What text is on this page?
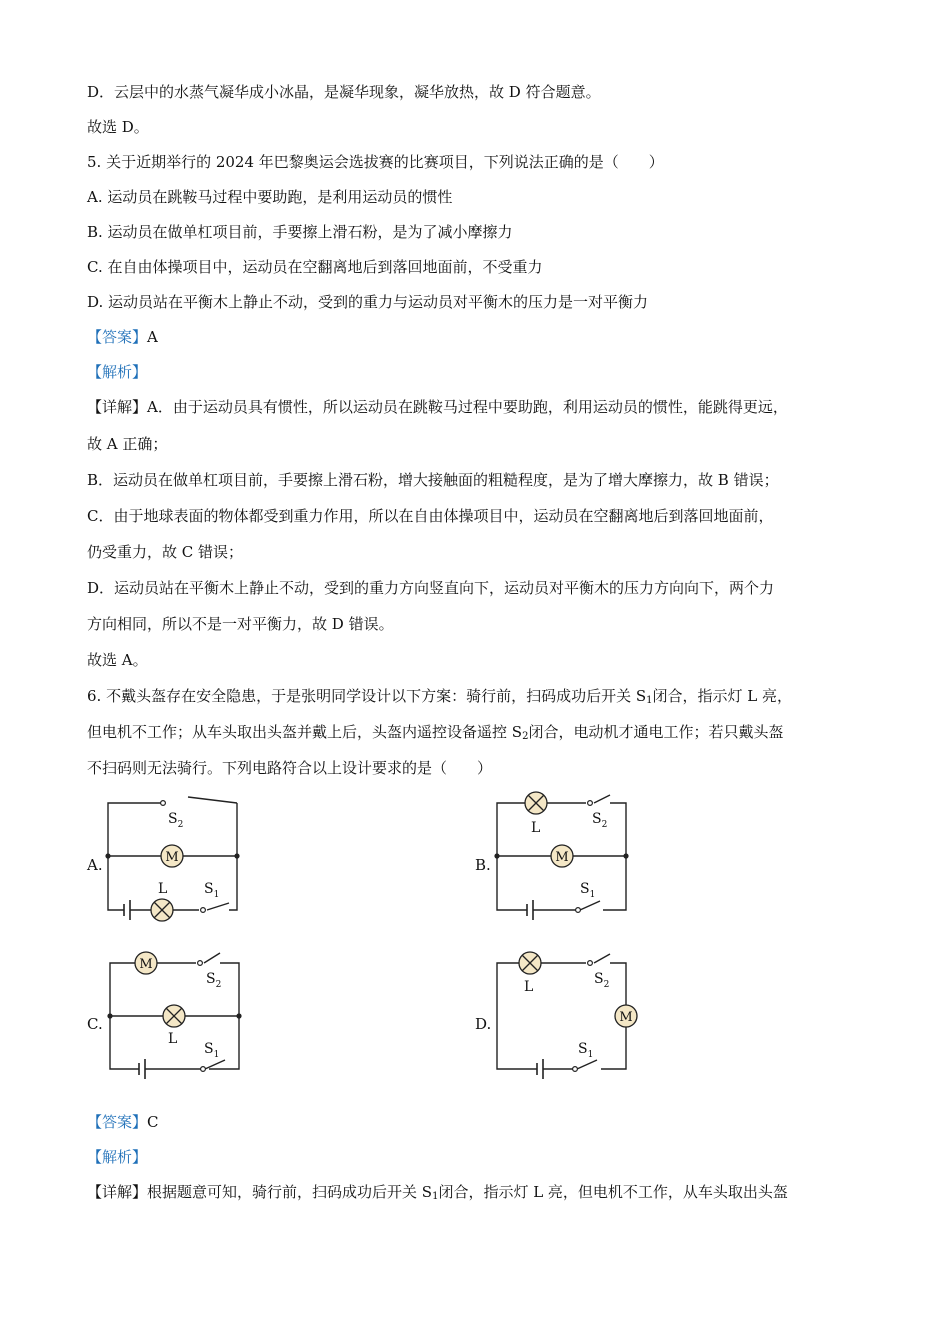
D．云层中的水蒸气凝华成小冰晶，是凝华现象，凝华放热，故 D 符合题意。
故选 D。
5. 关于近期举行的 2024 年巴黎奥运会选拔赛的比赛项目，下列说法正确的是（　　）
A. 运动员在跳鞍马过程中要助跑，是利用运动员的惯性
B. 运动员在做单杠项目前，手要擦上滑石粉，是为了减小摩擦力
C. 在自由体操项目中，运动员在空翻离地后到落回地面前，不受重力
D. 运动员站在平衡木上静止不动，受到的重力与运动员对平衡木的压力是一对平衡力
【答案】A
【解析】
【详解】A．由于运动员具有惯性，所以运动员在跳鞍马过程中要助跑，利用运动员的惯性，能跳得更远，
故 A 正确；
B．运动员在做单杠项目前，手要擦上滑石粉，增大接触面的粗糙程度，是为了增大摩擦力，故 B 错误；
C．由于地球表面的物体都受到重力作用，所以在自由体操项目中，运动员在空翻离地后到落回地面前，
仍受重力，故 C 错误；
D．运动员站在平衡木上静止不动，受到的重力方向竖直向下，运动员对平衡木的压力方向向下，两个力
方向相同，所以不是一对平衡力，故 D 错误。
故选 A。
6. 不戴头盔存在安全隐患，于是张明同学设计以下方案：骑行前，扫码成功后开关 $S_1$闭合，指示灯 L 亮，
但电机不工作；从车头取出头盔并戴上后，头盔内遥控设备遥控 $S_2$闭合，电动机才通电工作；若只戴头盔
不扫码则无法骑行。下列电路符合以上设计要求的是（　　）
A.	B.
C.	D.
M
$S_2$
L	$S_1$
M
L
$S_2$
$S_1$
M
$S_2$
L
$S_1$
M
L	$S_2$
$S_1$
【答案】C
【解析】
【详解】根据题意可知，骑行前，扫码成功后开关 $S_1$闭合，指示灯 L 亮，但电机不工作，从车头取出头盔
